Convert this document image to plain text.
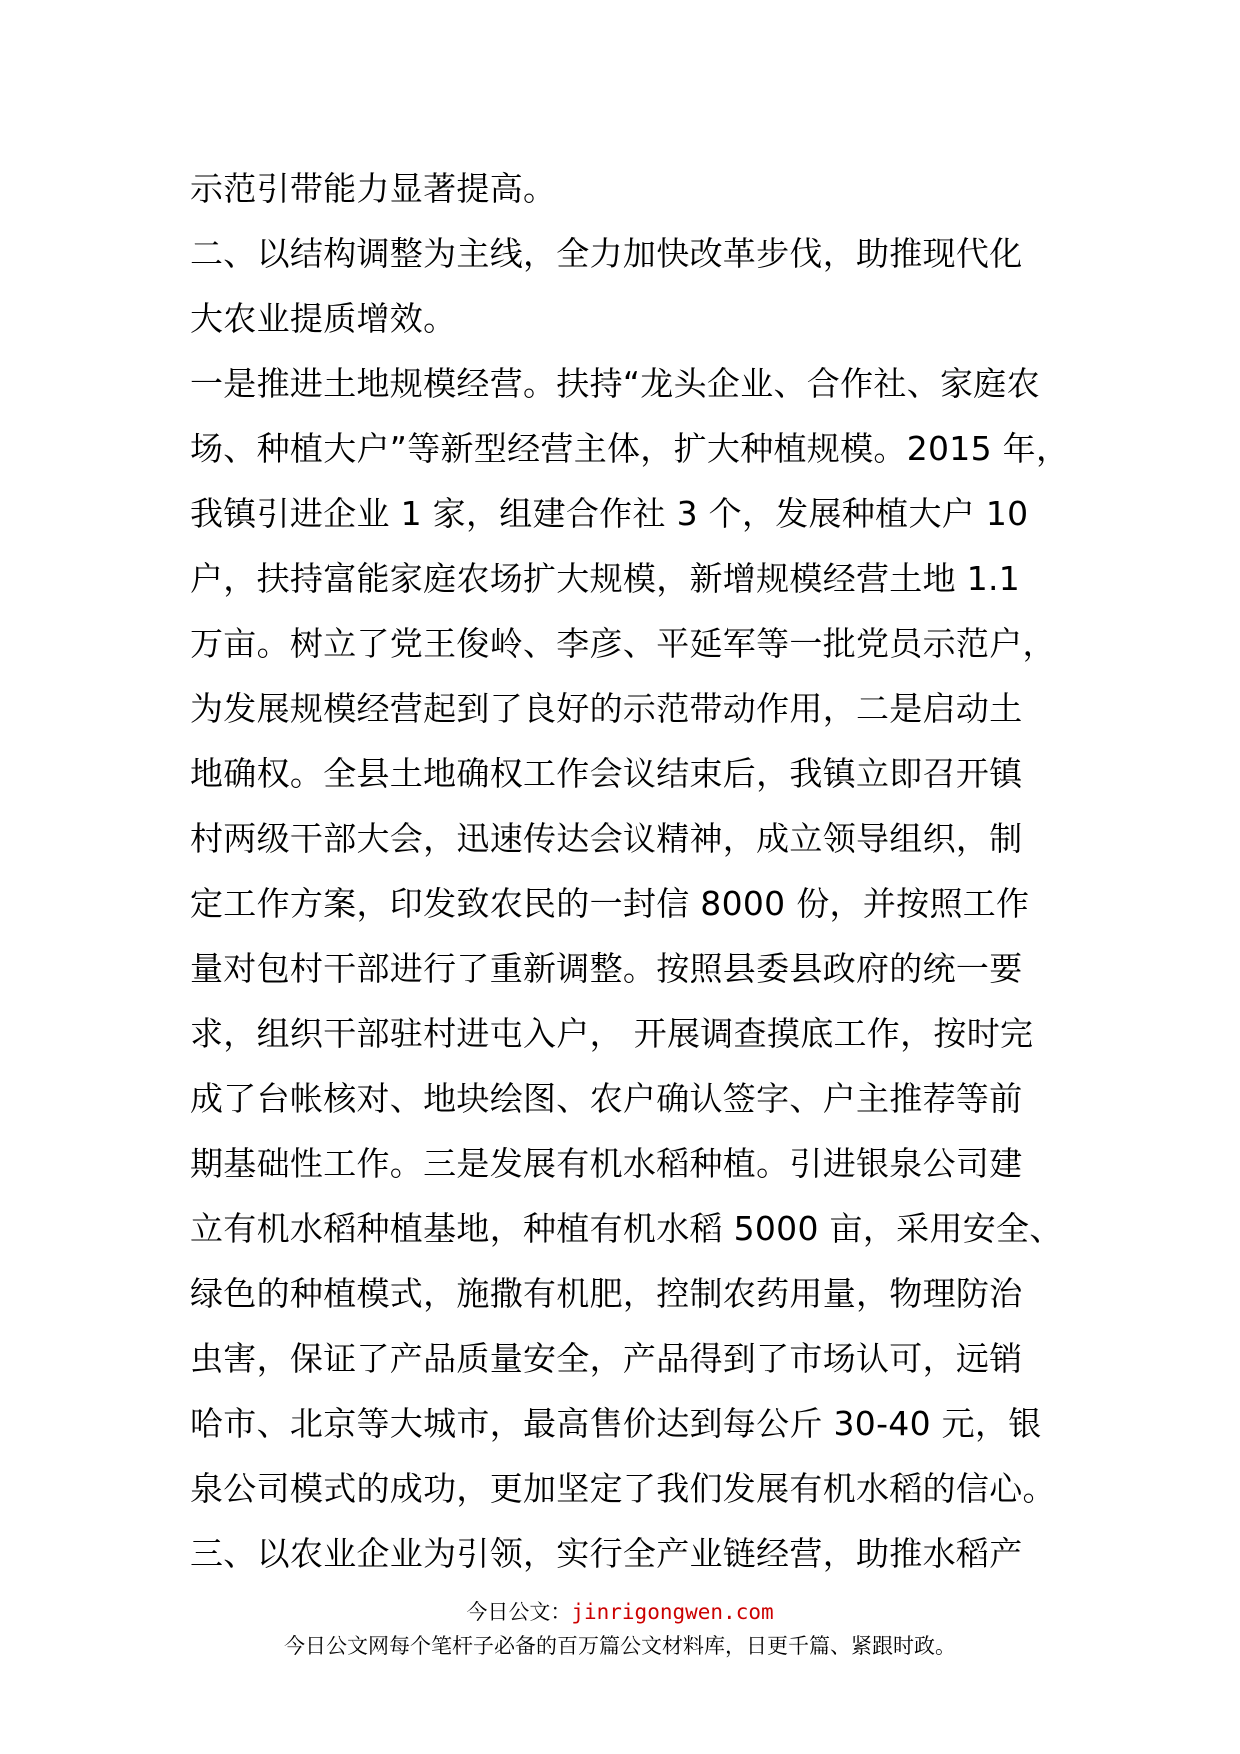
示范引带能力显著提高。
二、以结构调整为主线，全力加快改革步伐，助推现代化
大农业提质增效。
一是推进土地规模经营。扶持“龙头企业、合作社、家庭农
场、种植大户”等新型经营主体，扩大种植规模。2015 年，
我镇引进企业 1 家，组建合作社 3 个，发展种植大户 10
户，扶持富能家庭农场扩大规模，新增规模经营土地 1.1
万亩。树立了党王俊岭、李彦、平延军等一批党员示范户，
为发展规模经营起到了良好的示范带动作用，二是启动土
地确权。全县土地确权工作会议结束后，我镇立即召开镇
村两级干部大会，迅速传达会议精神，成立领导组织，制
定工作方案，印发致农民的一封信 8000 份，并按照工作
量对包村干部进行了重新调整。按照县委县政府的统一要
求，组织干部驻村进屯入户， 开展调查摸底工作，按时完
成了台帐核对、地块绘图、农户确认签字、户主推荐等前
期基础性工作。三是发展有机水稻种植。引进银泉公司建
立有机水稻种植基地，种植有机水稻 5000 亩，采用安全、
绿色的种植模式，施撒有机肥，控制农药用量，物理防治
虫害，保证了产品质量安全，产品得到了市场认可，远销
哈市、北京等大城市，最高售价达到每公斤 30-40 元，银
泉公司模式的成功，更加坚定了我们发展有机水稻的信心。
三、以农业企业为引领，实行全产业链经营，助推水稻产
今日公文：jinrigongwen.com
今日公文网每个笔杆子必备的百万篇公文材料库，日更千篇、紧跟时政。
